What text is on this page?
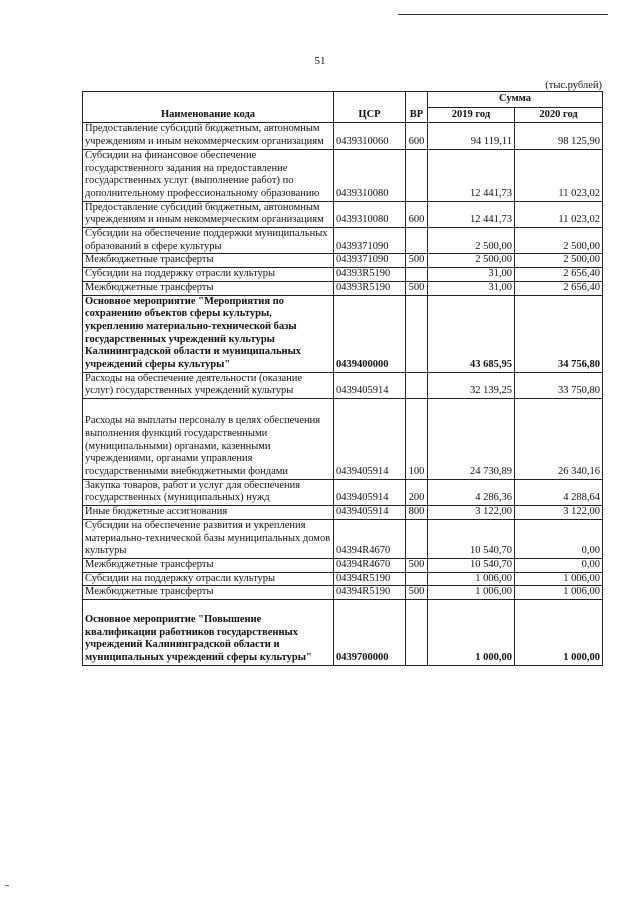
51
(тыс.рублей)
Наименование кода	ЦСР	ВР	Сумма	
			2019 год	2020 год
Предоставление субсидий бюджетным, автономным учреждениям и иным некоммерческим организациям	0439310060	600	94 119,11	98 125,90
Субсидии на финансовое обеспечение государственного задания на предоставление государственных услуг (выполнение работ) по дополнительному профессиональному образованию	0439310080		12 441,73	11 023,02
Предоставление субсидий бюджетным, автономным учреждениям и иным некоммерческим организациям	0439310080	600	12 441,73	11 023,02
Субсидии на обеспечение поддержки муниципальных образований в сфере культуры	0439371090		2 500,00	2 500,00
Межбюджетные трансферты	0439371090	500	2 500,00	2 500,00
Субсидии на поддержку отрасли культуры	04393R5190		31,00	2 656,40
Межбюджетные трансферты	04393R5190	500	31,00	2 656,40
Основное мероприятие "Мероприятия по сохранению объектов сферы культуры, укреплению материально-технической базы государственных учреждений культуры Калининградской области и муниципальных учреждений сферы культуры"	0439400000		43 685,95	34 756,80
Расходы на обеспечение деятельности (оказание услуг) государственных учреждений культуры	0439405914		32 139,25	33 750,80
Расходы на выплаты персоналу в целях обеспечения выполнения функций государственными (муниципальными) органами, казенными учреждениями, органами управления государственными внебюджетными фондами	0439405914	100	24 730,89	26 340,16
Закупка товаров, работ и услуг для обеспечения государственных (муниципальных) нужд	0439405914	200	4 286,36	4 288,64
Иные бюджетные ассигнования	0439405914	800	3 122,00	3 122,00
Субсидии на обеспечение развития и укрепления материально-технической базы муниципальных домов культуры	04394R4670		10 540,70	0,00
Межбюджетные трансферты	04394R4670	500	10 540,70	0,00
Субсидии на поддержку отрасли культуры	04394R5190		1 006,00	1 006,00
Межбюджетные трансферты	04394R5190	500	1 006,00	1 006,00
Основное мероприятие "Повышение квалификации работников государственных учреждений Калининградской области и муниципальных учреждений сферы культуры"	0439700000		1 000,00	1 000,00
